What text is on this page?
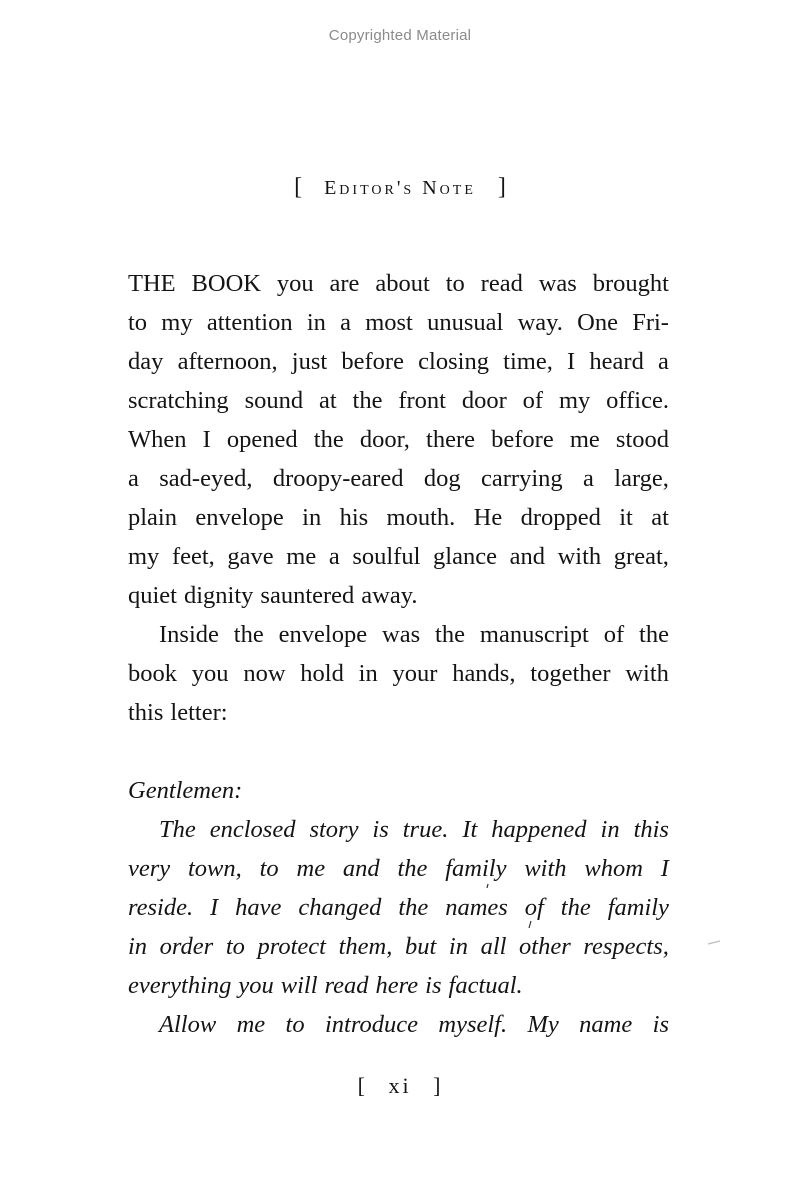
Copyrighted Material
[ Editor's Note ]
THE BOOK you are about to read was brought
to my attention in a most unusual way. One Fri-
day afternoon, just before closing time, I heard a
scratching sound at the front door of my office.
When I opened the door, there before me stood
a sad-eyed, droopy-eared dog carrying a large,
plain envelope in his mouth. He dropped it at
my feet, gave me a soulful glance and with great,
quiet dignity sauntered away.
Inside the envelope was the manuscript of the
book you now hold in your hands, together with
this letter:
Gentlemen:
The enclosed story is true. It happened in this
very town, to me and the family with whom I
reside. I have changed the names of the family
in order to protect them, but in all other respects,
everything you will read here is factual.
Allow me to introduce myself. My name is
[ xi ]
